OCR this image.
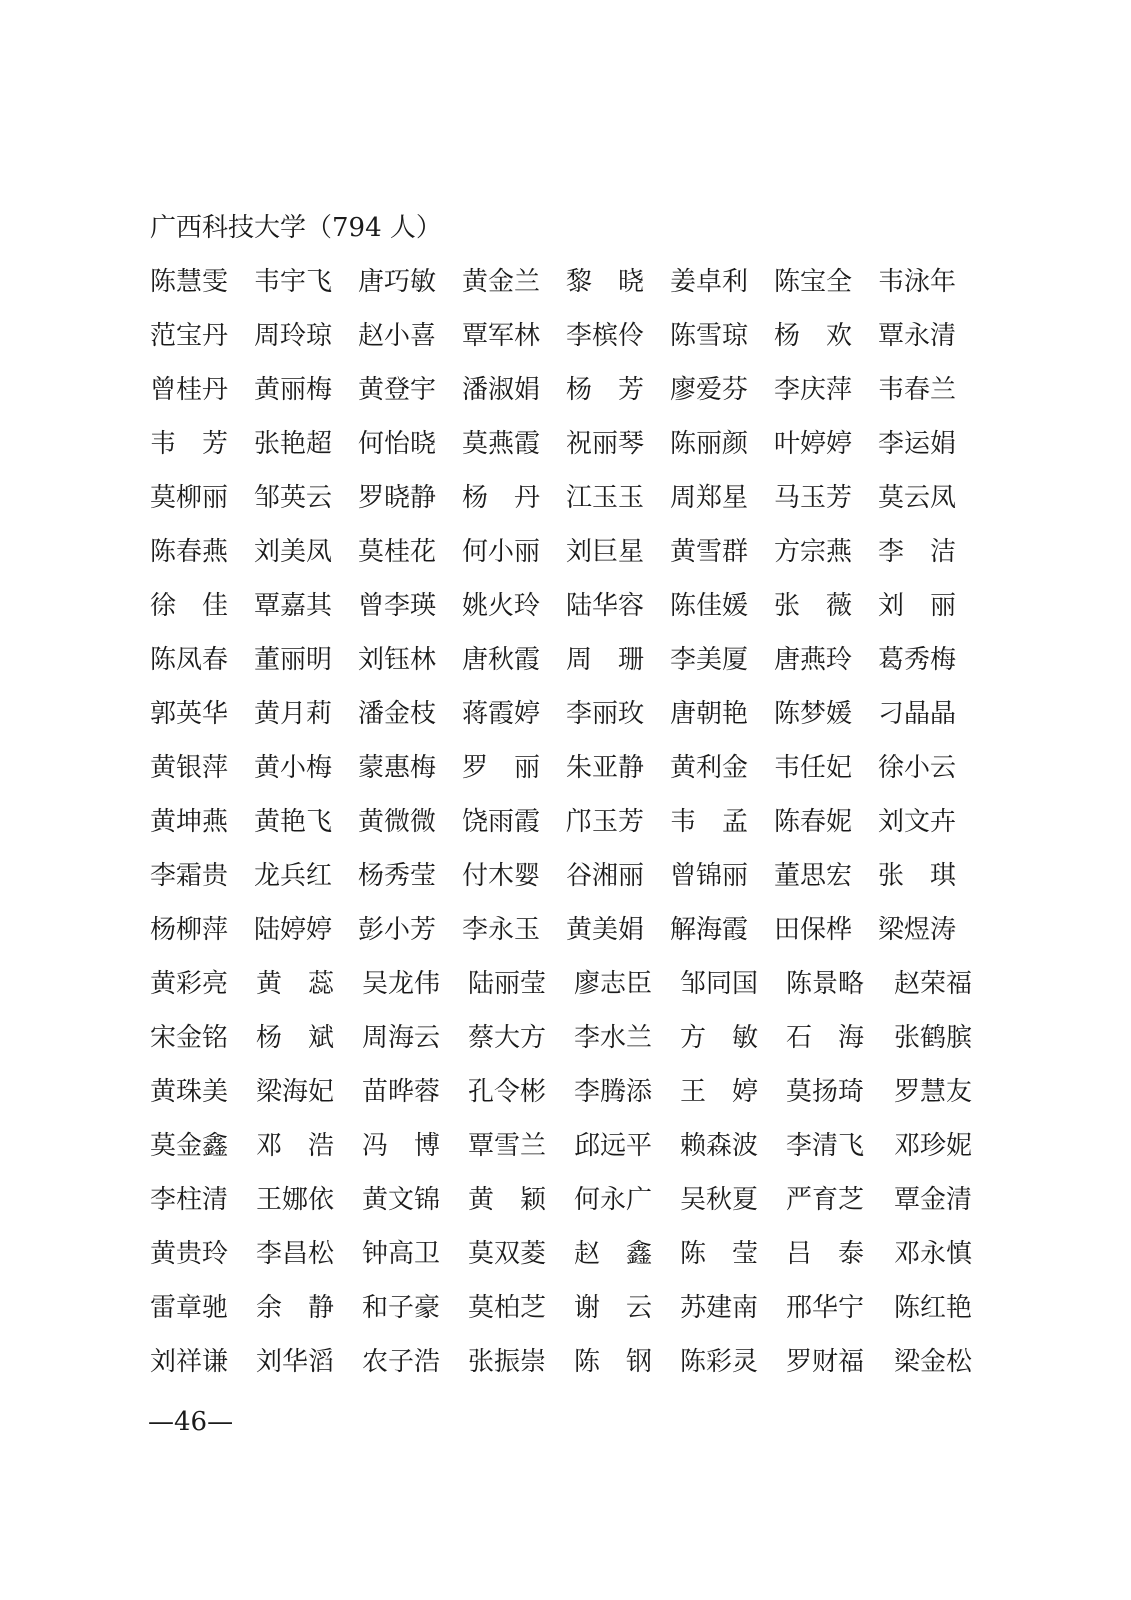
广西科技大学（794 人）
陈 慧 雯 韦 宇 飞 唐 巧 敏 黄 金 兰 黎 晓 姜 卓 利 陈 宝 全 韦 泳 年
范 宝 丹 周 玲 琼 赵 小 喜 覃 军 林 李 槟 伶 陈 雪 琼 杨 欢 覃 永 清
曾 桂 丹 黄 丽 梅 黄 登 宇 潘 淑 娟 杨 芳 廖 爱 芬 李 庆 萍 韦 春 兰
韦 芳 张 艳 超 何 怡 晓 莫 燕 霞 祝 丽 琴 陈 丽 颜 叶 婷 婷 李 运 娟
莫 柳 丽 邹 英 云 罗 晓 静 杨 丹 江 玉 玉 周 郑 星 马 玉 芳 莫 云 凤
陈 春 燕 刘 美 凤 莫 桂 花 何 小 丽 刘 巨 星 黄 雪 群 方 宗 燕 李 洁
徐 佳 覃 嘉 其 曾 李 瑛 姚 火 玲 陆 华 容 陈 佳 媛 张 薇 刘 丽
陈 凤 春 董 丽 明 刘 钰 林 唐 秋 霞 周 珊 李 美 厦 唐 燕 玲 葛 秀 梅
郭 英 华 黄 月 莉 潘 金 枝 蒋 霞 婷 李 丽 玫 唐 朝 艳 陈 梦 媛 刁 晶 晶
黄 银 萍 黄 小 梅 蒙 惠 梅 罗 丽 朱 亚 静 黄 利 金 韦 任 妃 徐 小 云
黄 坤 燕 黄 艳 飞 黄 微 微 饶 雨 霞 邝 玉 芳 韦 孟 陈 春 妮 刘 文 卉
李 霜 贵 龙 兵 红 杨 秀 莹 付 木 婴 谷 湘 丽 曾 锦 丽 董 思 宏 张 琪
杨 柳 萍 陆 婷 婷 彭 小 芳 李 永 玉 黄 美 娟 解 海 霞 田 保 桦 梁 煜 涛
黄 彩 亮 黄 蕊 吴 龙 伟 陆 丽 莹 廖 志 臣 邹 同 国 陈 景 略 赵 荣 福
宋 金 铭 杨 斌 周 海 云 蔡 大 方 李 水 兰 方 敏 石 海 张 鹤 膑
黄 珠 美 梁 海 妃 苗 晔 蓉 孔 令 彬 李 腾 添 王 婷 莫 扬 琦 罗 慧 友
莫 金 鑫 邓 浩 冯 博 覃 雪 兰 邱 远 平 赖 森 波 李 清 飞 邓 珍 妮
李 柱 清 王 娜 依 黄 文 锦 黄 颖 何 永 广 吴 秋 夏 严 育 芝 覃 金 清
黄 贵 玲 李 昌 松 钟 高 卫 莫 双 菱 赵 鑫 陈 莹 吕 泰 邓 永 慎
雷 章 驰 余 静 和 子 豪 莫 柏 芝 谢 云 苏 建 南 邢 华 宁 陈 红 艳
刘 祥 谦 刘 华 滔 农 子 浩 张 振 崇 陈 钢 陈 彩 灵 罗 财 福 梁 金 松
—46—
